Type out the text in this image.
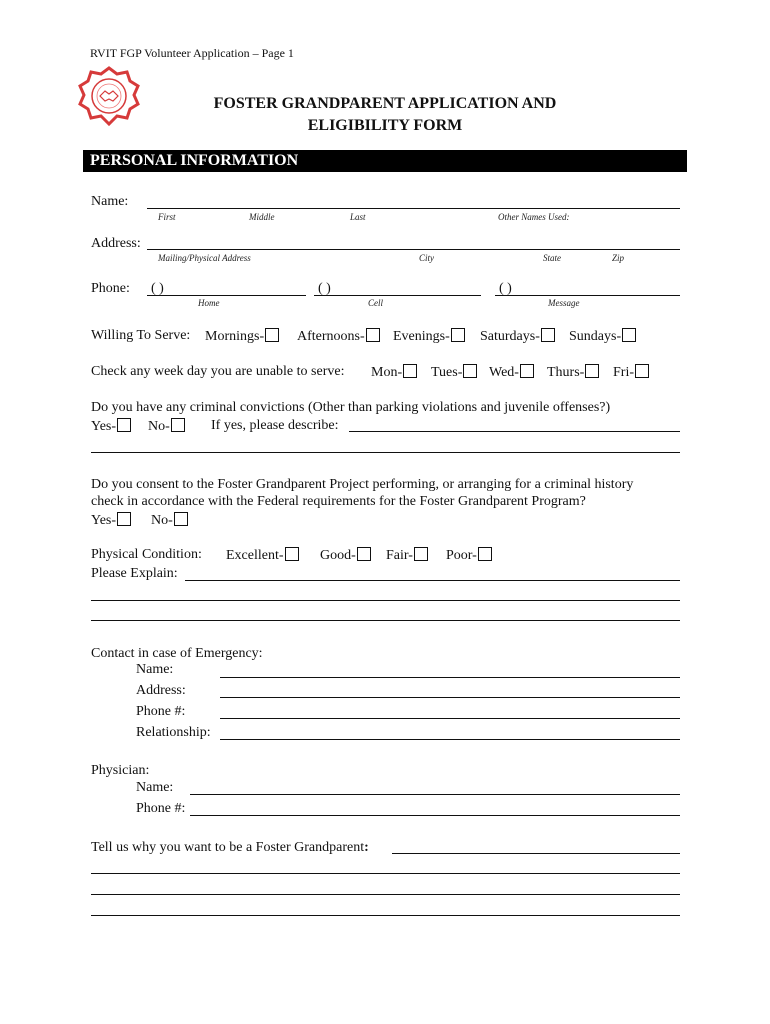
RVIT FGP Volunteer Application – Page 1
FOSTER GRANDPARENT APPLICATION AND
ELIGIBILITY FORM
PERSONAL INFORMATION
Name:
First	Middle	Last	Other Names Used:
Address:
Mailing/Physical Address	City	State	Zip
Phone: ( )	( )	( )
Home	Cell	Message
Willing To Serve: Mornings-	Afternoons-	Evenings-	Saturdays-	Sundays-
Check any week day you are unable to serve: Mon-	Tues-	Wed-	Thurs-	Fri-
Do you have any criminal convictions (Other than parking violations and juvenile offenses?)
Yes-	No-	If yes, please describe:
Do you consent to the Foster Grandparent Project performing, or arranging for a criminal history
check in accordance with the Federal requirements for the Foster Grandparent Program?
Yes-	No-
Physical Condition: Excellent-	Good-	Fair-	Poor-
Please Explain:
Contact in case of Emergency:
Name:
Address:
Phone #:
Relationship:
Physician:
Name:
Phone #:
Tell us why you want to be a Foster Grandparent:
